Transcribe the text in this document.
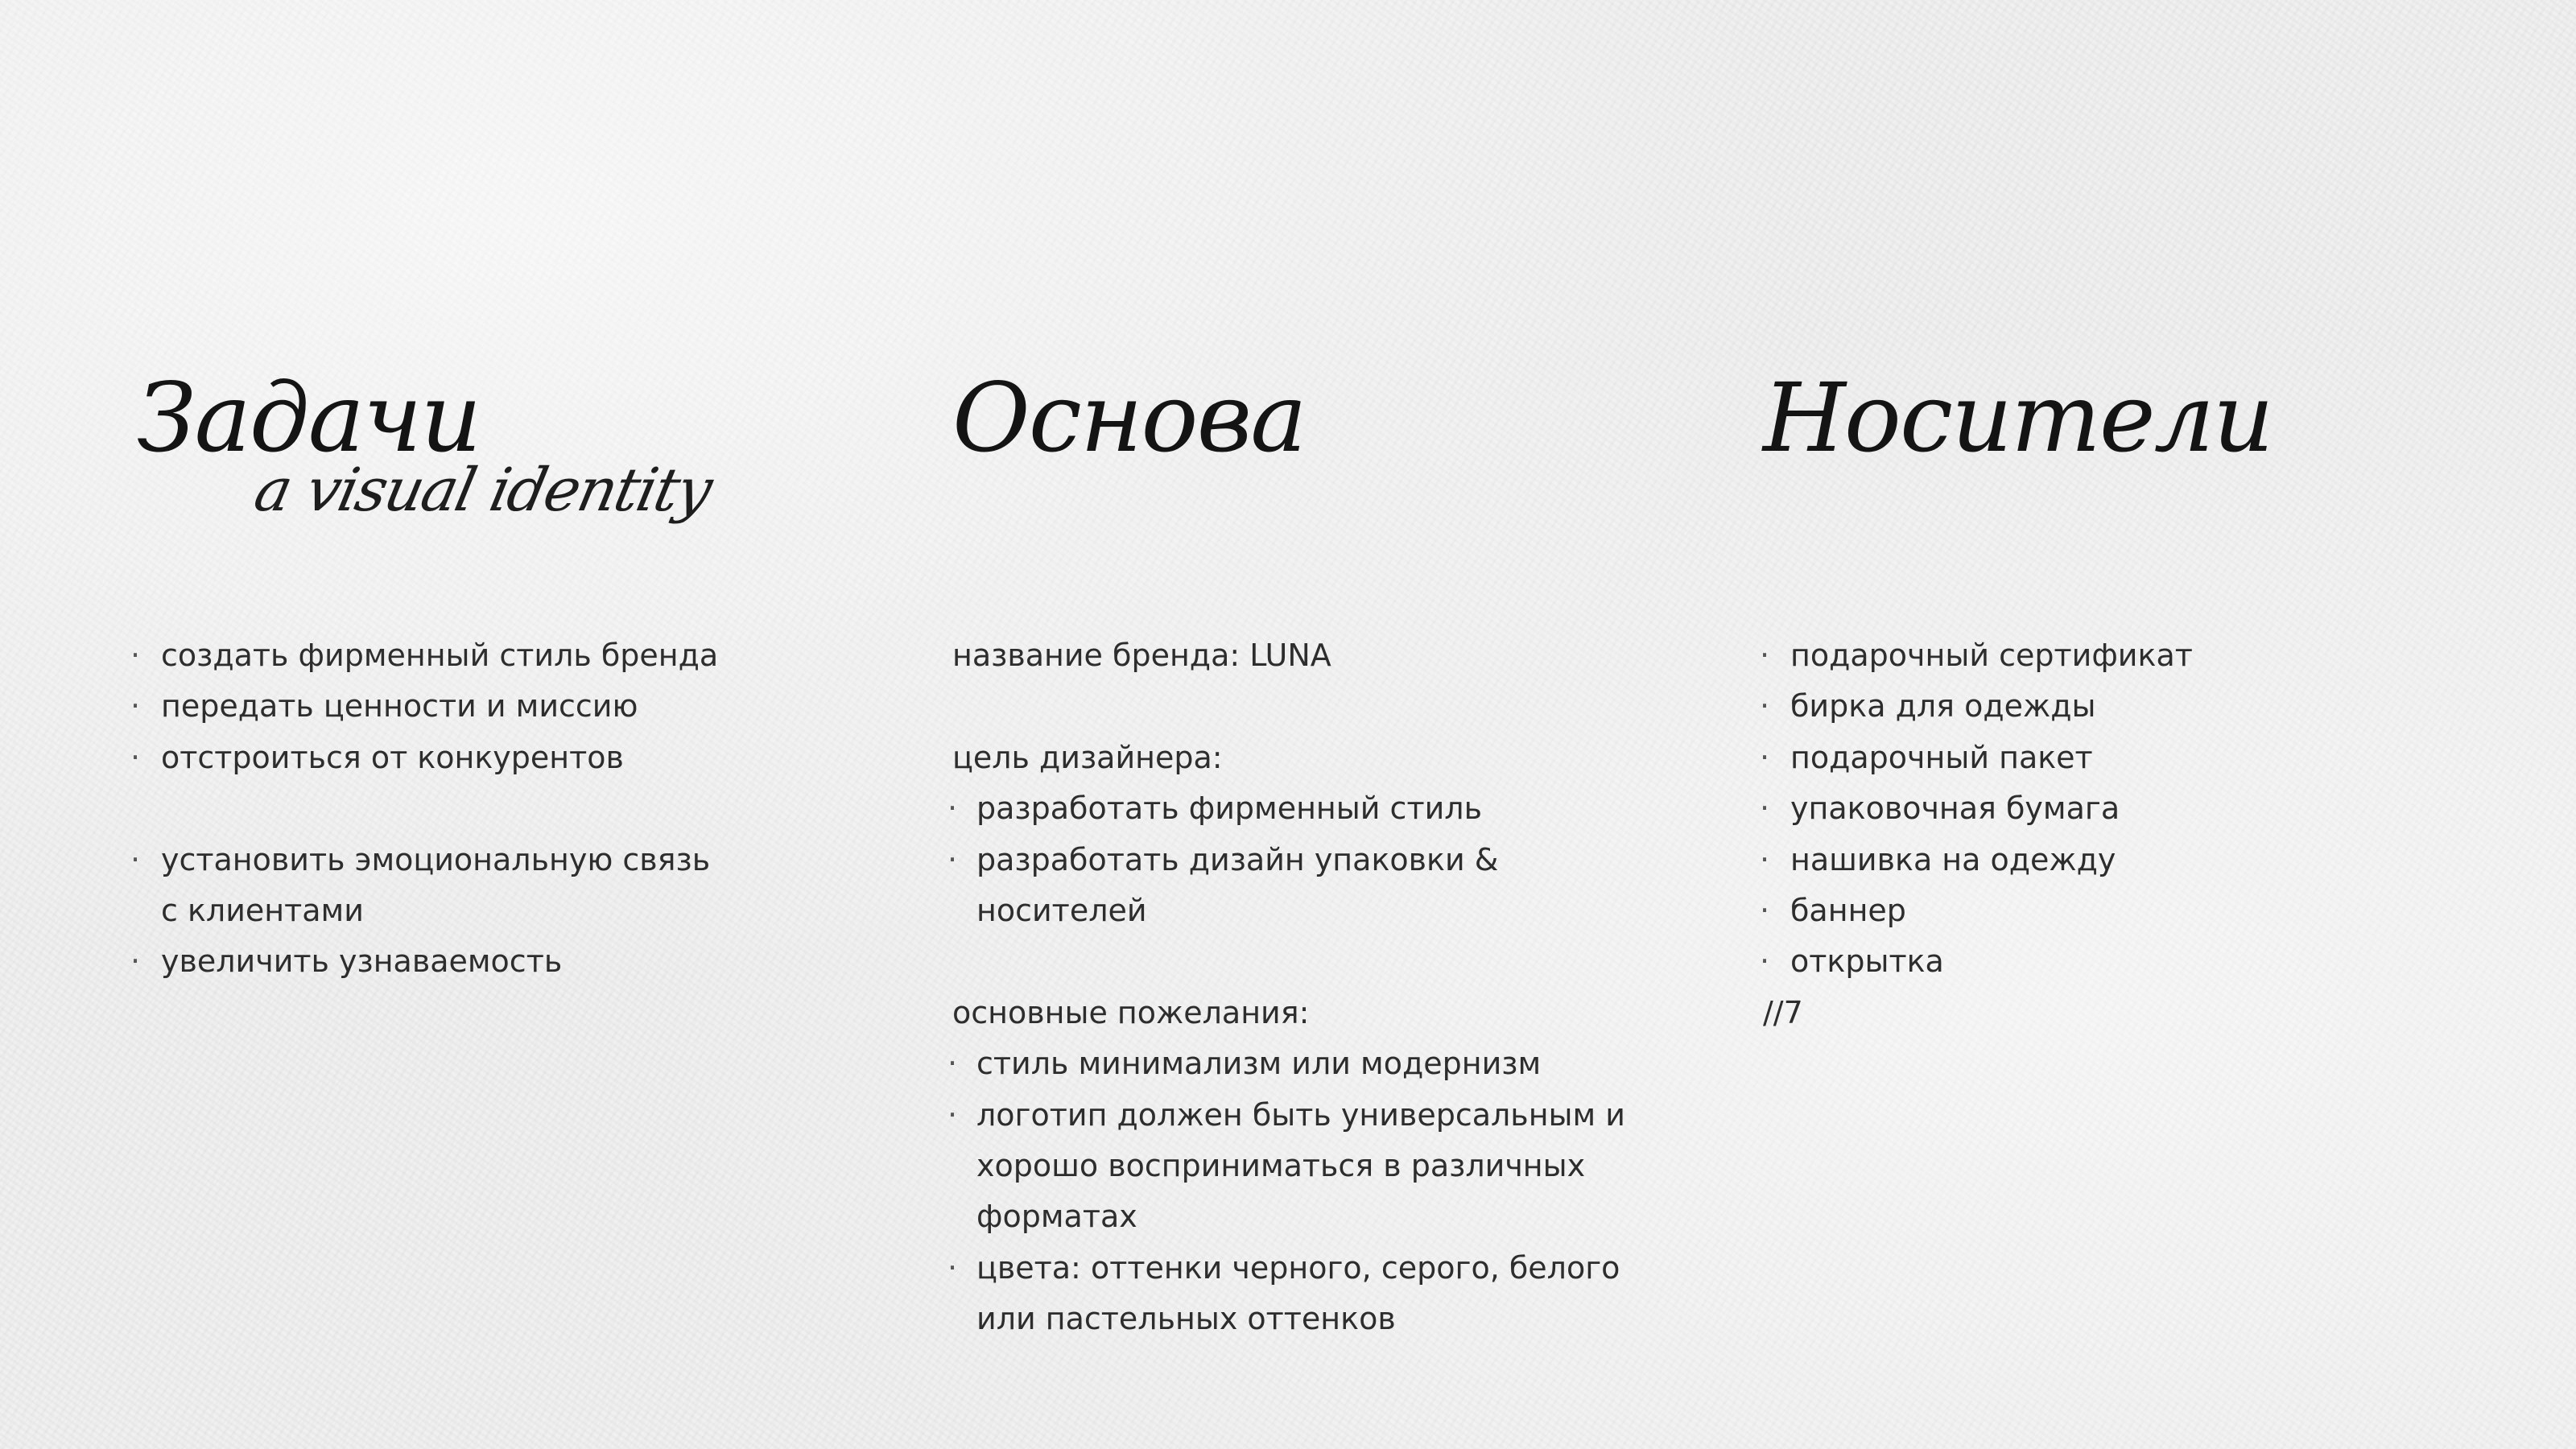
Задачи
a visual identity
Основа	Носители
· создать фирменный стиль бренда
· передать ценности и миссию
· отстроиться от конкурентов
· установить эмоциональную связь
с клиентами
· увеличить узнаваемость
название бренда: LUNA
цель дизайнера:
· разработать фирменный стиль
· разработать дизайн упаковки &
носителей
основные пожелания:
· стиль минимализм или модернизм
· логотип должен быть универсальным и
хорошо восприниматься в различных
форматах
· цвета: оттенки черного, серого, белого
или пастельных оттенков
· подарочный сертификат
· бирка для одежды
· подарочный пакет
· упаковочная бумага
· нашивка на одежду
· баннер
· открытка
//7
